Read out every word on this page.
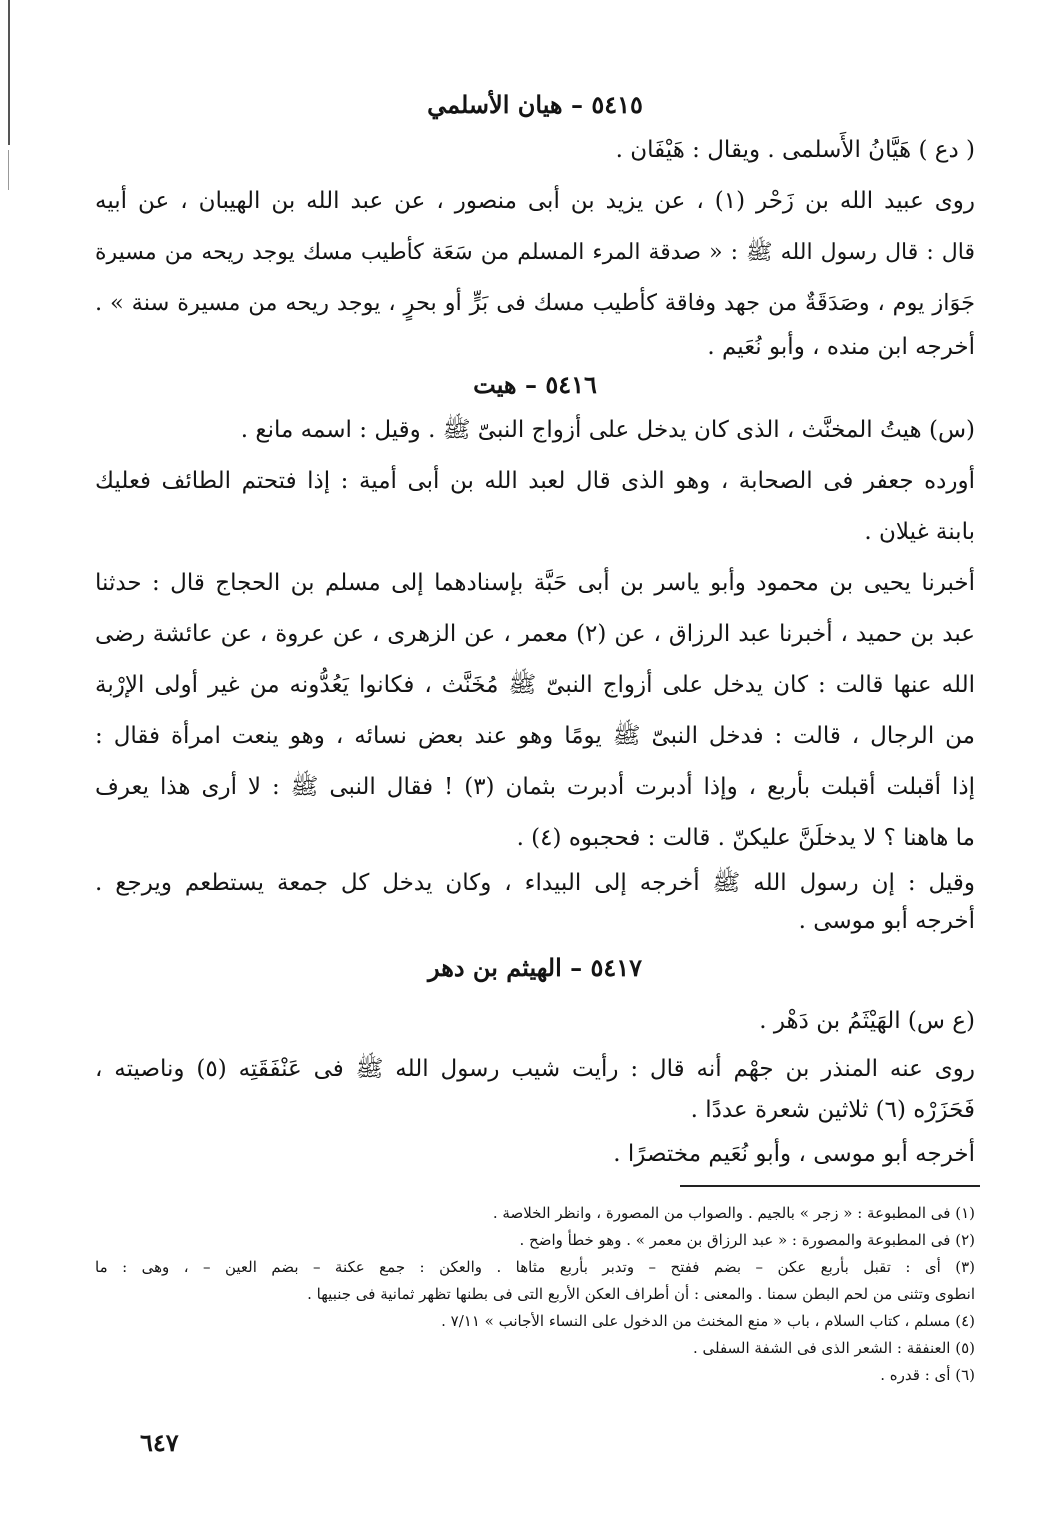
٥٤١٥ – هيان الأسلمي

( دع ) هَيَّانُ الأَسلمى . ويقال : هَيْفَان .

روى عبيد الله بن زَحْر (١) ، عن يزيد بن أبى منصور ، عن عبد الله بن الهيبان ، عن أبيه

قال : قال رسول الله ﷺ : « صدقة المرء المسلم من سَعَة كأطيب مسك يوجد ريحه من مسيرة

جَوَاز يوم ، وصَدَقَةٌ من جهد وفاقة كأطيب مسك فى بَرٍّ أو بحرٍ ، يوجد ريحه من مسيرة سنة » .

أخرجه ابن منده ، وأبو نُعَيم .

٥٤١٦ – هيت

(س) هيتُ المخنَّث ، الذى كان يدخل على أزواج النبىّ ﷺ . وقيل : اسمه مانع .

أورده جعفر فى الصحابة ، وهو الذى قال لعبد الله بن أبى أمية : إذا فتحتم الطائف فعليك

بابنة غيلان .

أخبرنا يحيى بن محمود وأبو ياسر بن أبى حَبَّة بإسنادهما إلى مسلم بن الحجاج قال : حدثنا

عبد بن حميد ، أخبرنا عبد الرزاق ، عن (٢) معمر ، عن الزهرى ، عن عروة ، عن عائشة رضى

الله عنها قالت : كان يدخل على أزواج النبىّ ﷺ مُخَنَّث ، فكانوا يَعُدُّونه من غير أولى الإرْبة

من الرجال ، قالت : فدخل النبىّ ﷺ يومًا وهو عند بعض نسائه ، وهو ينعت امرأة فقال :

إذا أقبلت أقبلت بأربع ، وإذا أدبرت أدبرت بثمان (٣) ! فقال النبى ﷺ : لا أرى هذا يعرف

ما هاهنا ؟ لا يدخلَنَّ عليكنّ . قالت : فحجبوه (٤) .

وقيل : إن رسول الله ﷺ أخرجه إلى البيداء ، وكان يدخل كل جمعة يستطعم ويرجع .

أخرجه أبو موسى .

٥٤١٧ – الهيثم بن دهر

(ع س) الهَيْثَمُ بن دَهْر .

روى عنه المنذر بن جهْم أنه قال : رأيت شيب رسول الله ﷺ فى عَنْفَقَتِه (٥) وناصيته ،

فَحَزَرْه (٦) ثلاثين شعرة عددًا .

أخرجه أبو موسى ، وأبو نُعَيم مختصرًا .

(١) فى المطبوعة : « زجر » بالجيم . والصواب من المصورة ، وانظر الخلاصة .

(٢) فى المطبوعة والمصورة : « عبد الرزاق بن معمر » . وهو خطأ واضح .

(٣) أى : تقبل بأربع عكن – بضم ففتح – وتدبر بأربع مثاها . والعكن : جمع عكنة – بضم العين – ، وهى : ما

انطوى وتثنى من لحم البطن سمنا . والمعنى : أن أطراف العكن الأربع التى فى بطنها تظهر ثمانية فى جنبيها .

(٤) مسلم ، كتاب السلام ، باب « منع المخنث من الدخول على النساء الأجانب » ٧/١١ .

(٥) العنفقة : الشعر الذى فى الشفة السفلى .

(٦) أى : قدره .

٦٤٧
